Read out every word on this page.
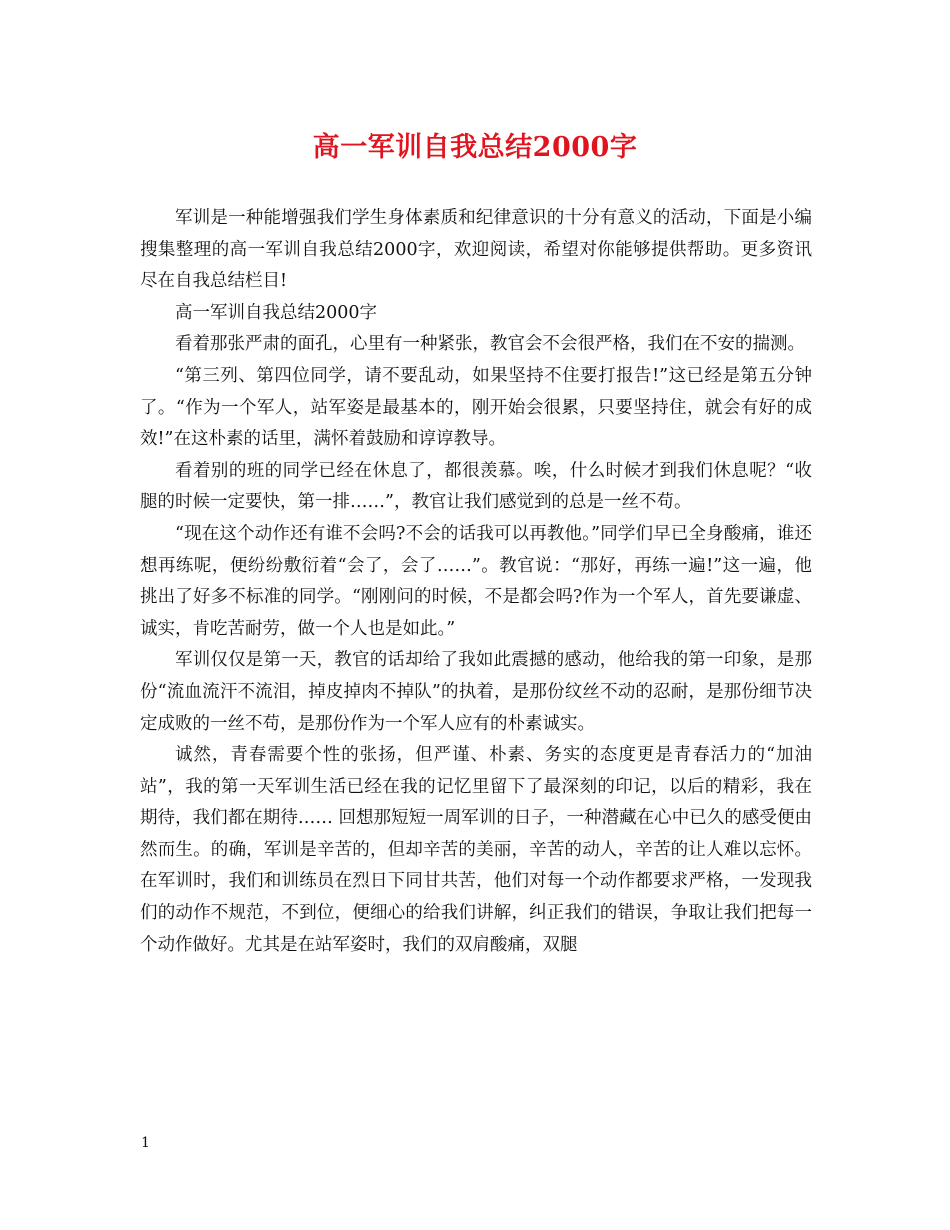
高一军训自我总结2000字

军训是一种能增强我们学生身体素质和纪律意识的十分有意义的活动，下面是小编搜集整理的高一军训自我总结2000字，欢迎阅读，希望对你能够提供帮助。更多资讯尽在自我总结栏目!

高一军训自我总结2000字

看着那张严肃的面孔，心里有一种紧张，教官会不会很严格，我们在不安的揣测。

“第三列、第四位同学，请不要乱动，如果坚持不住要打报告!”这已经是第五分钟了。“作为一个军人，站军姿是最基本的，刚开始会很累，只要坚持住，就会有好的成效!”在这朴素的话里，满怀着鼓励和谆谆教导。

看着别的班的同学已经在休息了，都很羡慕。唉，什么时候才到我们休息呢？“收腿的时候一定要快，第一排……”，教官让我们感觉到的总是一丝不苟。

“现在这个动作还有谁不会吗?不会的话我可以再教他。”同学们早已全身酸痛，谁还想再练呢，便纷纷敷衍着“会了，会了……”。教官说：“那好，再练一遍!”这一遍，他挑出了好多不标准的同学。“刚刚问的时候，不是都会吗?作为一个军人，首先要谦虚、诚实，肯吃苦耐劳，做一个人也是如此。”

军训仅仅是第一天，教官的话却给了我如此震撼的感动，他给我的第一印象，是那份“流血流汗不流泪，掉皮掉肉不掉队”的执着，是那份纹丝不动的忍耐，是那份细节决定成败的一丝不苟，是那份作为一个军人应有的朴素诚实。

诚然，青春需要个性的张扬，但严谨、朴素、务实的态度更是青春活力的“加油站”，我的第一天军训生活已经在我的记忆里留下了最深刻的印记，以后的精彩，我在期待，我们都在期待…… 回想那短短一周军训的日子，一种潜藏在心中已久的感受便由然而生。的确，军训是辛苦的，但却辛苦的美丽，辛苦的动人，辛苦的让人难以忘怀。在军训时，我们和训练员在烈日下同甘共苦，他们对每一个动作都要求严格，一发现我们的动作不规范，不到位，便细心的给我们讲解，纠正我们的错误，争取让我们把每一个动作做好。尤其是在站军姿时，我们的双肩酸痛，双腿

1
